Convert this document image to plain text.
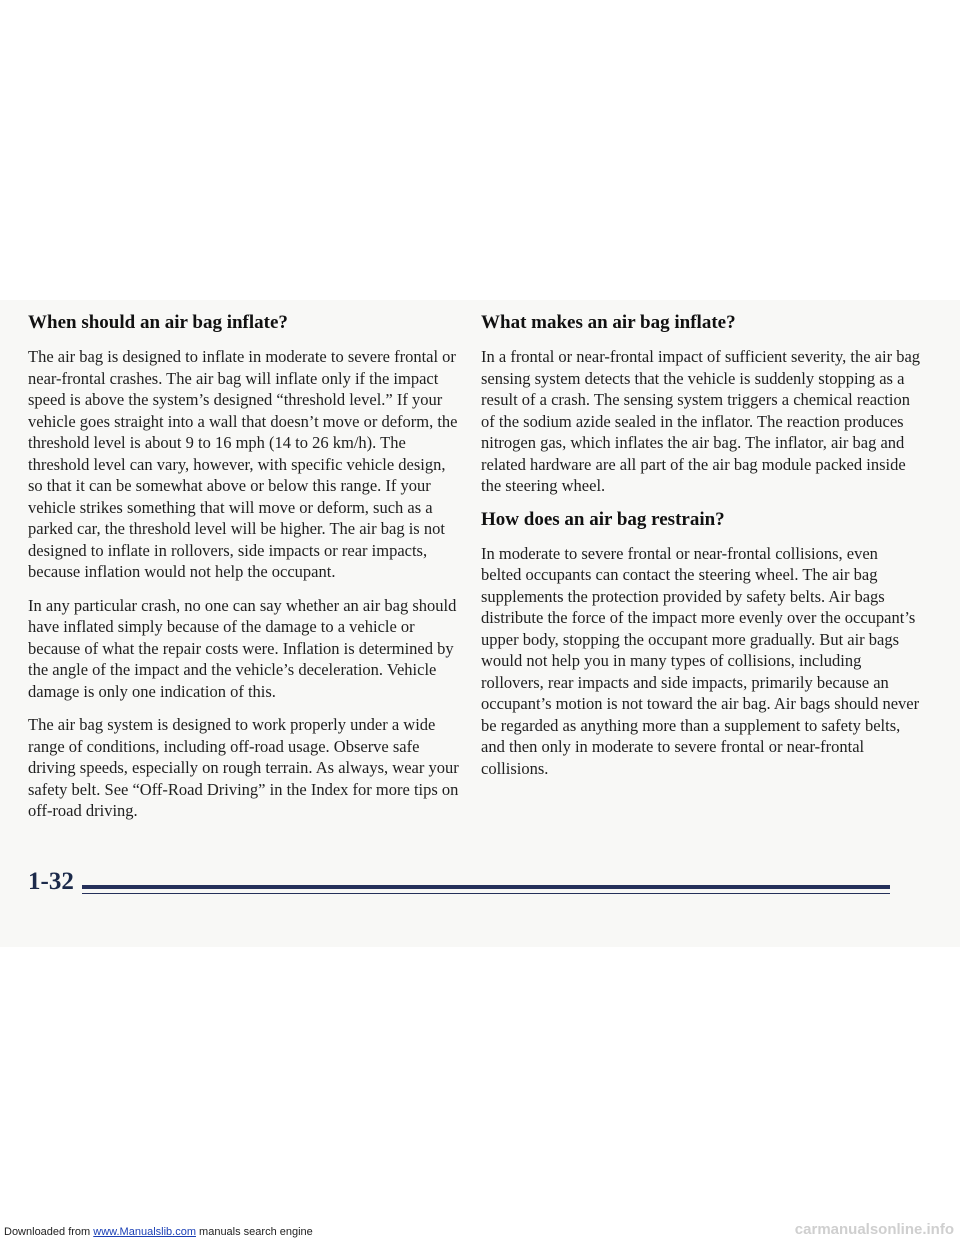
When should an air bag inflate?

The air bag is designed to inflate in moderate to severe frontal or near-frontal crashes. The air bag will inflate only if the impact speed is above the system’s designed “threshold level.” If your vehicle goes straight into a wall that doesn’t move or deform, the threshold level is about 9 to 16 mph (14 to 26 km/h). The threshold level can vary, however, with specific vehicle design, so that it can be somewhat above or below this range. If your vehicle strikes something that will move or deform, such as a parked car, the threshold level will be higher. The air bag is not designed to inflate in rollovers, side impacts or rear impacts, because inflation would not help the occupant.

In any particular crash, no one can say whether an air bag should have inflated simply because of the damage to a vehicle or because of what the repair costs were. Inflation is determined by the angle of the impact and the vehicle’s deceleration. Vehicle damage is only one indication of this.

The air bag system is designed to work properly under a wide range of conditions, including off-road usage. Observe safe driving speeds, especially on rough terrain. As always, wear your safety belt. See “Off-Road Driving” in the Index for more tips on off-road driving.

What makes an air bag inflate?

In a frontal or near-frontal impact of sufficient severity, the air bag sensing system detects that the vehicle is suddenly stopping as a result of a crash. The sensing system triggers a chemical reaction of the sodium azide sealed in the inflator. The reaction produces nitrogen gas, which inflates the air bag. The inflator, air bag and related hardware are all part of the air bag module packed inside the steering wheel.

How does an air bag restrain?

In moderate to severe frontal or near-frontal collisions, even belted occupants can contact the steering wheel. The air bag supplements the protection provided by safety belts. Air bags distribute the force of the impact more evenly over the occupant’s upper body, stopping the occupant more gradually. But air bags would not help you in many types of collisions, including rollovers, rear impacts and side impacts, primarily because an occupant’s motion is not toward the air bag. Air bags should never be regarded as anything more than a supplement to safety belts, and then only in moderate to severe frontal or near-frontal collisions.

1-32
Downloaded from www.Manualslib.com manuals search engine	carmanualsonline.info
